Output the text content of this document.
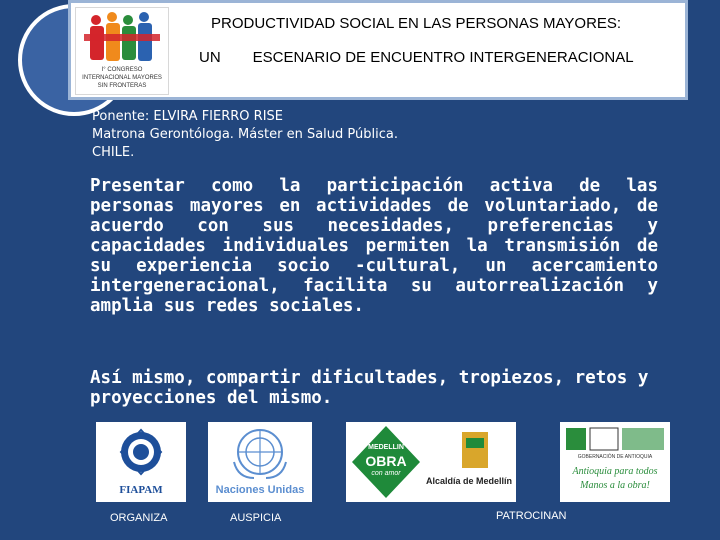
I° CONGRESO INTERNACIONAL MAYORES SIN FRONTERAS
PRODUCTIVIDAD SOCIAL EN LAS PERSONAS MAYORES:
UN ESCENARIO DE ENCUENTRO INTERGENERACIONAL
Ponente: ELVIRA FIERRO RISE
Matrona Gerontóloga. Máster en Salud Pública.
CHILE.
Presentar como la participación activa de las personas mayores en actividades de voluntariado, de acuerdo con sus necesidades, preferencias y capacidades individuales permiten la transmisión de su experiencia socio -cultural, un acercamiento intergeneracional, facilita su autorrealización y amplia sus redes sociales.
Así mismo, compartir dificultades, tropiezos, retos y proyecciones del mismo.
FIAPAM	Naciones Unidas
MEDELLIN
OBRA
con amor
Alcaldía de Medellín
GOBERNACIÓN DE ANTIOQUIA
Antioquia para todos
Manos a la obra!
ORGANIZA	AUSPICIA	PATROCINAN
